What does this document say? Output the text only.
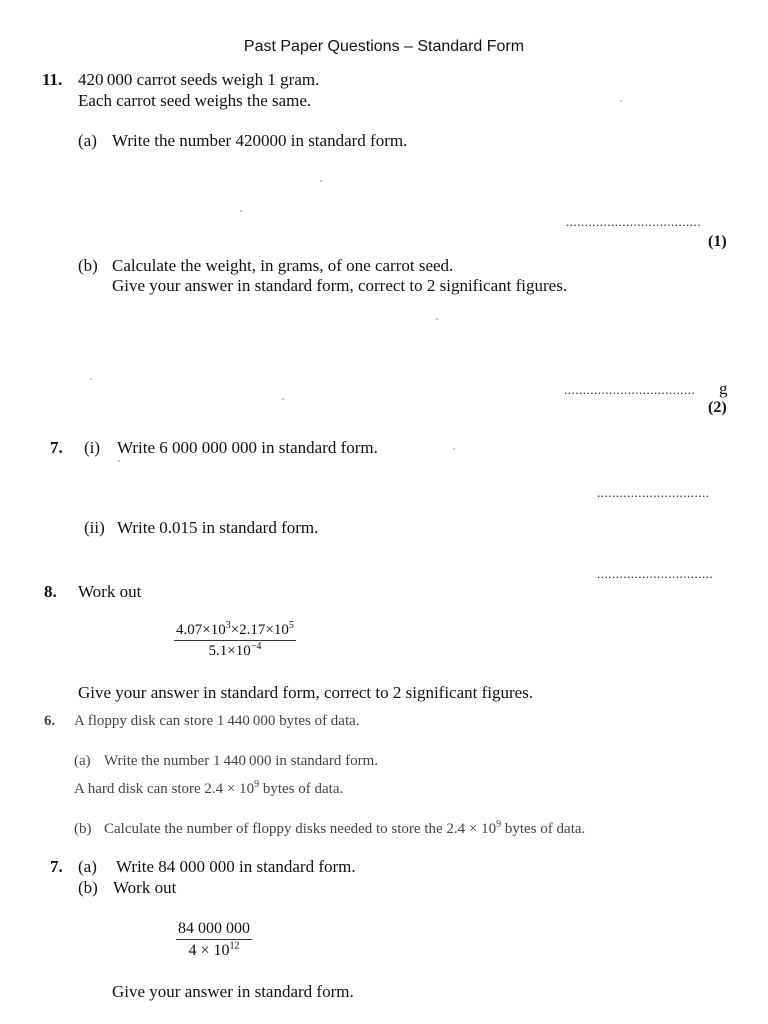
Past Paper Questions – Standard Form
11. 420 000 carrot seeds weigh 1 gram.
Each carrot seed weighs the same.
(a) Write the number 420000 in standard form.
....................................
(1)
(b) Calculate the weight, in grams, of one carrot seed.
Give your answer in standard form, correct to 2 significant figures.
................................... g
(2)
7. (i) Write 6 000 000 000 in standard form.
..............................
(ii) Write 0.015 in standard form.
...............................
8. Work out
$\frac{4.07\times 10^3\times 2.17\times 10^5}{5.1\times 10^{-4}}$
Give your answer in standard form, correct to 2 significant figures.
6. A floppy disk can store 1 440 000 bytes of data.
(a) Write the number 1 440 000 in standard form.
A hard disk can store $2.4 \times 10^9$ bytes of data.
(b) Calculate the number of floppy disks needed to store the $2.4 \times 10^9$ bytes of data.
7. (a) Write 84 000 000 in standard form.
(b) Work out
$\frac{84 000 000}{4 \times 10^{12}}$
Give your answer in standard form.
